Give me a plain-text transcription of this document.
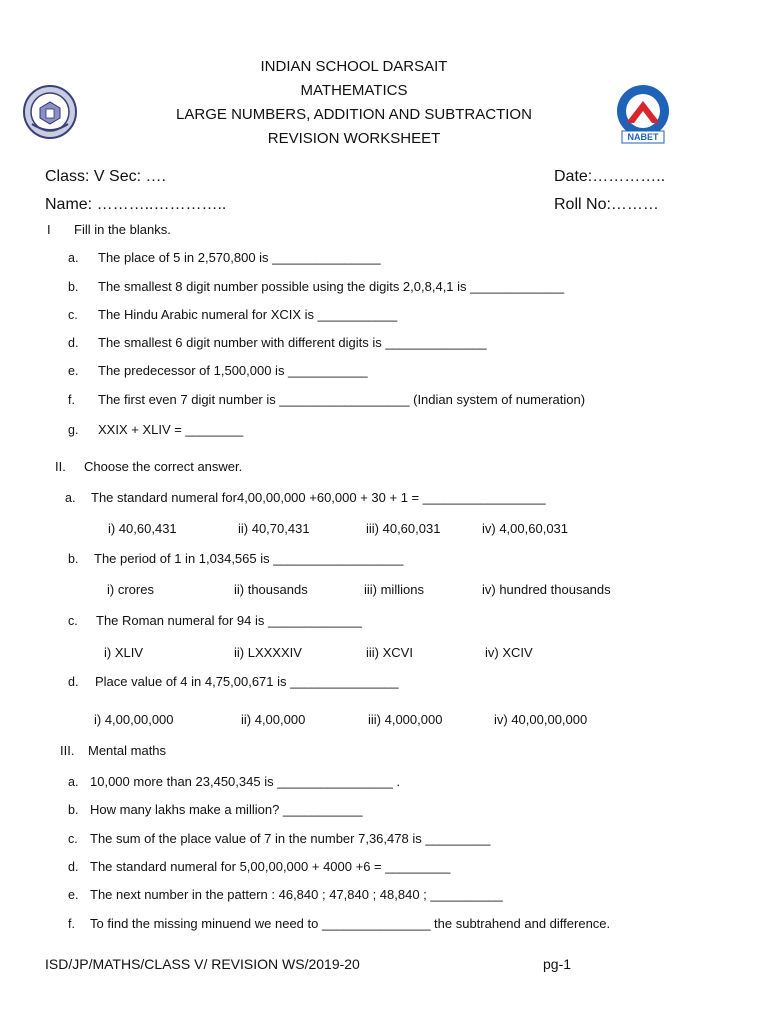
NABET
INDIAN SCHOOL DARSAIT
MATHEMATICS
LARGE NUMBERS, ADDITION AND SUBTRACTION
REVISION WORKSHEET
Class: V Sec: ….	Date:…………..
Name: ………..…………..	Roll No:………
I Fill in the blanks.
a. The place of 5 in 2,570,800 is _______________
b. The smallest 8 digit number possible using the digits 2,0,8,4,1 is _____________
c. The Hindu Arabic numeral for XCIX is ___________
d. The smallest 6 digit number with different digits is ______________
e. The predecessor of 1,500,000 is ___________
f. The first even 7 digit number is __________________ (Indian system of numeration)
g. XXIX + XLIV = ________
II. Choose the correct answer.
a. The standard numeral for4,00,00,000 +60,000 + 30 + 1 = _________________
i) 40,60,431	ii) 40,70,431	iii) 40,60,031	iv) 4,00,60,031
b. The period of 1 in 1,034,565 is __________________
i) crores	ii) thousands	iii) millions	iv) hundred thousands
c. The Roman numeral for 94 is _____________
i) XLIV	ii) LXXXXIV	iii) XCVI	iv) XCIV
d. Place value of 4 in 4,75,00,671 is _______________
i) 4,00,00,000	ii) 4,00,000	iii) 4,000,000	iv) 40,00,00,000
III. Mental maths
a. 10,000 more than 23,450,345 is ________________ .
b. How many lakhs make a million? ___________
c. The sum of the place value of 7 in the number 7,36,478 is _________
d. The standard numeral for 5,00,00,000 + 4000 +6 = _________
e. The next number in the pattern : 46,840 ; 47,840 ; 48,840 ; __________
f. To find the missing minuend we need to _______________ the subtrahend and difference.
ISD/JP/MATHS/CLASS V/ REVISION WS/2019-20	pg-1
